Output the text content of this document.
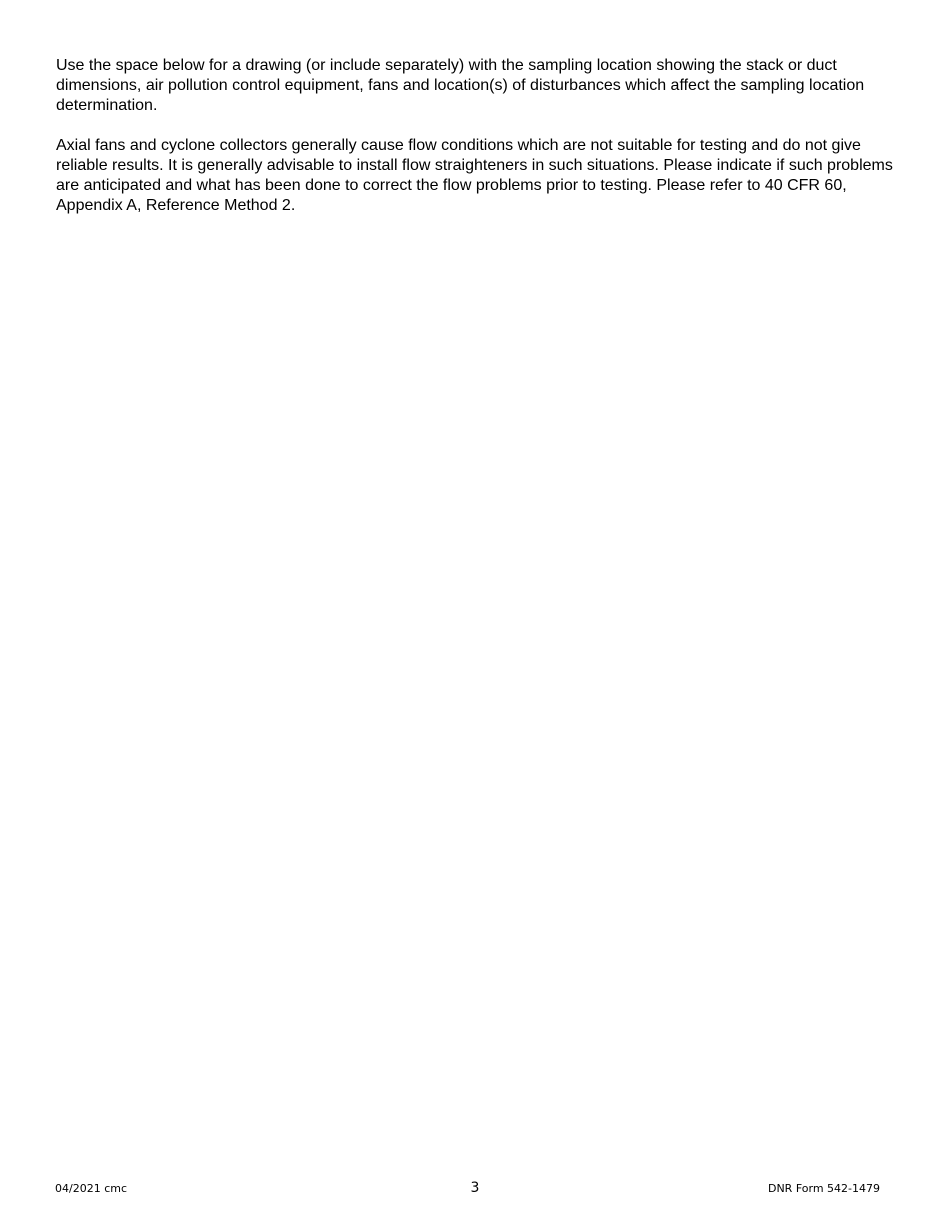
Use the space below for a drawing (or include separately) with the sampling location showing the stack or duct dimensions, air pollution control equipment, fans and location(s) of disturbances which affect the sampling location determination.

Axial fans and cyclone collectors generally cause flow conditions which are not suitable for testing and do not give reliable results. It is generally advisable to install flow straighteners in such situations. Please indicate if such problems are anticipated and what has been done to correct the flow problems prior to testing. Please refer to 40 CFR 60, Appendix A, Reference Method 2.

04/2021 cmc	3	DNR Form 542-1479
